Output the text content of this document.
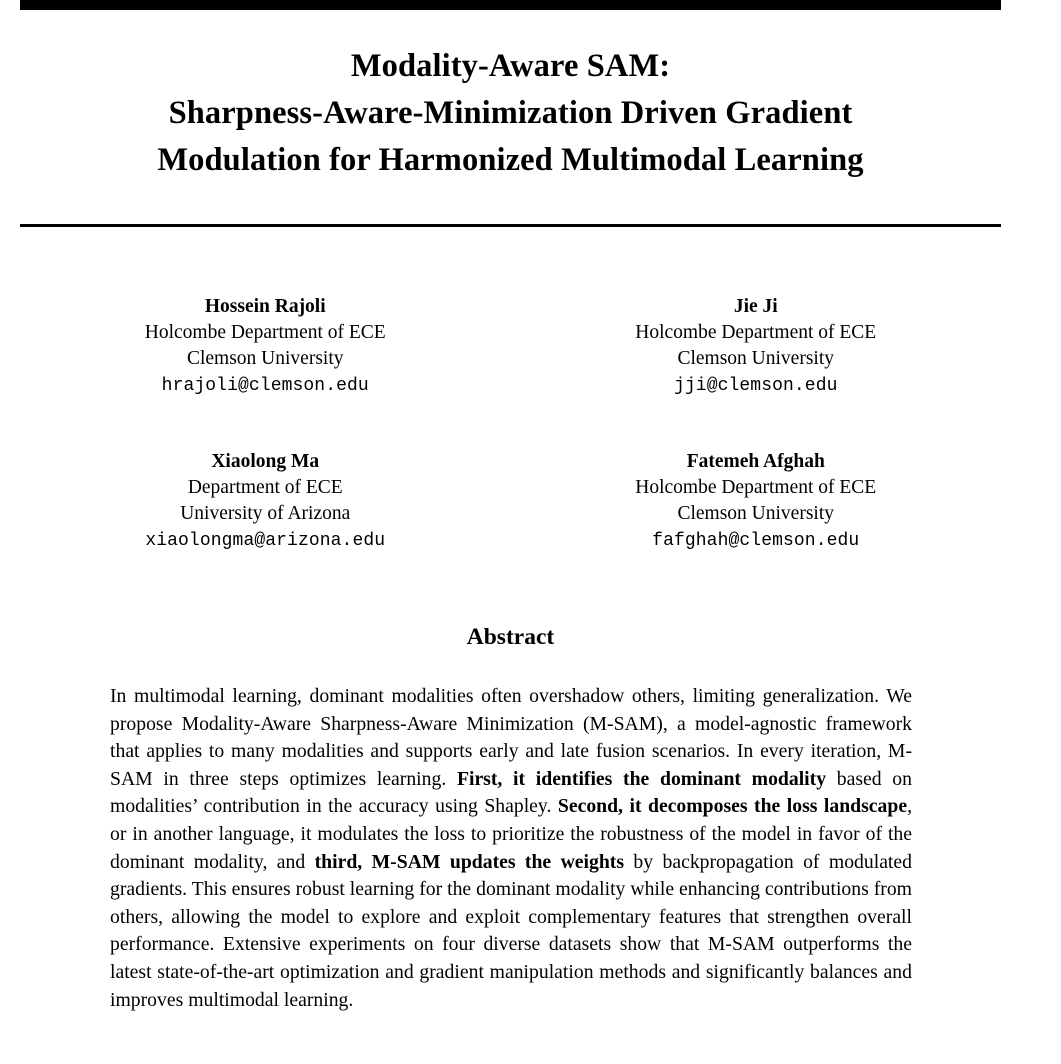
Modality-Aware SAM:
Sharpness-Aware-Minimization Driven Gradient
Modulation for Harmonized Multimodal Learning
Hossein Rajoli
Holcombe Department of ECE
Clemson University
hrajoli@clemson.edu
Jie Ji
Holcombe Department of ECE
Clemson University
jji@clemson.edu
Xiaolong Ma
Department of ECE
University of Arizona
xiaolongma@arizona.edu
Fatemeh Afghah
Holcombe Department of ECE
Clemson University
fafghah@clemson.edu
Abstract
In multimodal learning, dominant modalities often overshadow others, limiting generalization. We propose Modality-Aware Sharpness-Aware Minimization (M-SAM), a model-agnostic framework that applies to many modalities and supports early and late fusion scenarios. In every iteration, M-SAM in three steps optimizes learning. First, it identifies the dominant modality based on modalities’ contribution in the accuracy using Shapley. Second, it decomposes the loss landscape, or in another language, it modulates the loss to prioritize the robustness of the model in favor of the dominant modality, and third, M-SAM updates the weights by backpropagation of modulated gradients. This ensures robust learning for the dominant modality while enhancing contributions from others, allowing the model to explore and exploit complementary features that strengthen overall performance. Extensive experiments on four diverse datasets show that M-SAM outperforms the latest state-of-the-art optimization and gradient manipulation methods and significantly balances and improves multimodal learning.
